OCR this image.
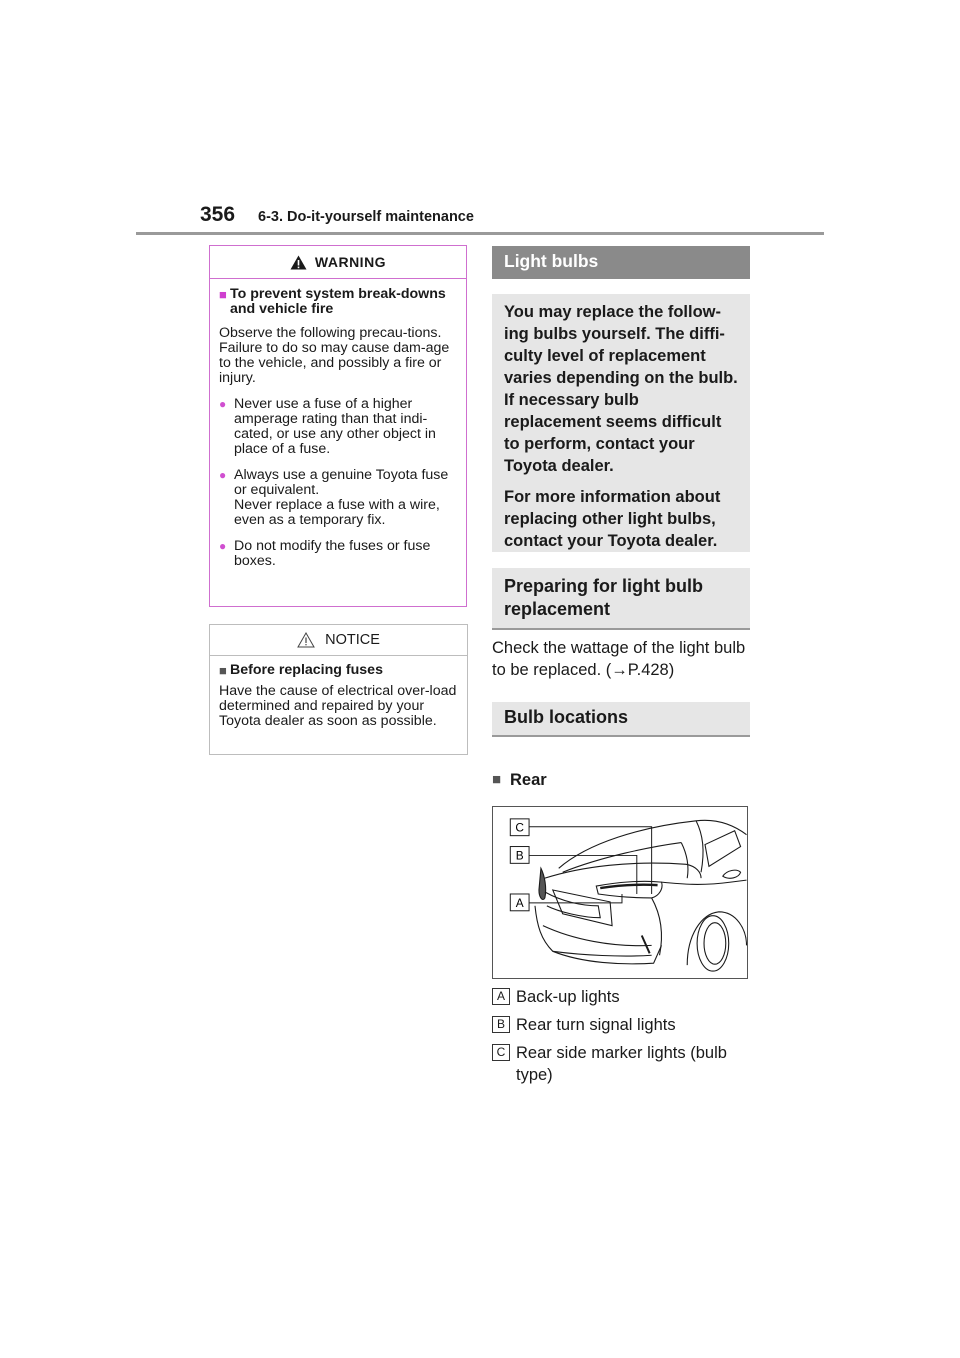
356 6-3. Do-it-yourself maintenance
WARNING
■ To prevent system break-downs and vehicle fire
Observe the following precau-tions.
Failure to do so may cause dam-age to the vehicle, and possibly a fire or injury.
● Never use a fuse of a higher amperage rating than that indi-cated, or use any other object in place of a fuse.
● Always use a genuine Toyota fuse or equivalent.
Never replace a fuse with a wire, even as a temporary fix.
● Do not modify the fuses or fuse boxes.
NOTICE
■ Before replacing fuses
Have the cause of electrical over-load determined and repaired by your Toyota dealer as soon as possible.
Light bulbs

You may replace the follow-ing bulbs yourself. The diffi-culty level of replacement varies depending on the bulb. If necessary bulb replacement seems difficult to perform, contact your Toyota dealer.

For more information about replacing other light bulbs, contact your Toyota dealer.

Preparing for light bulb replacement
Check the wattage of the light bulb to be replaced. (→P.428)
Bulb locations
■ Rear
C
B
A
A Back-up lights
B Rear turn signal lights
C Rear side marker lights (bulb type)
